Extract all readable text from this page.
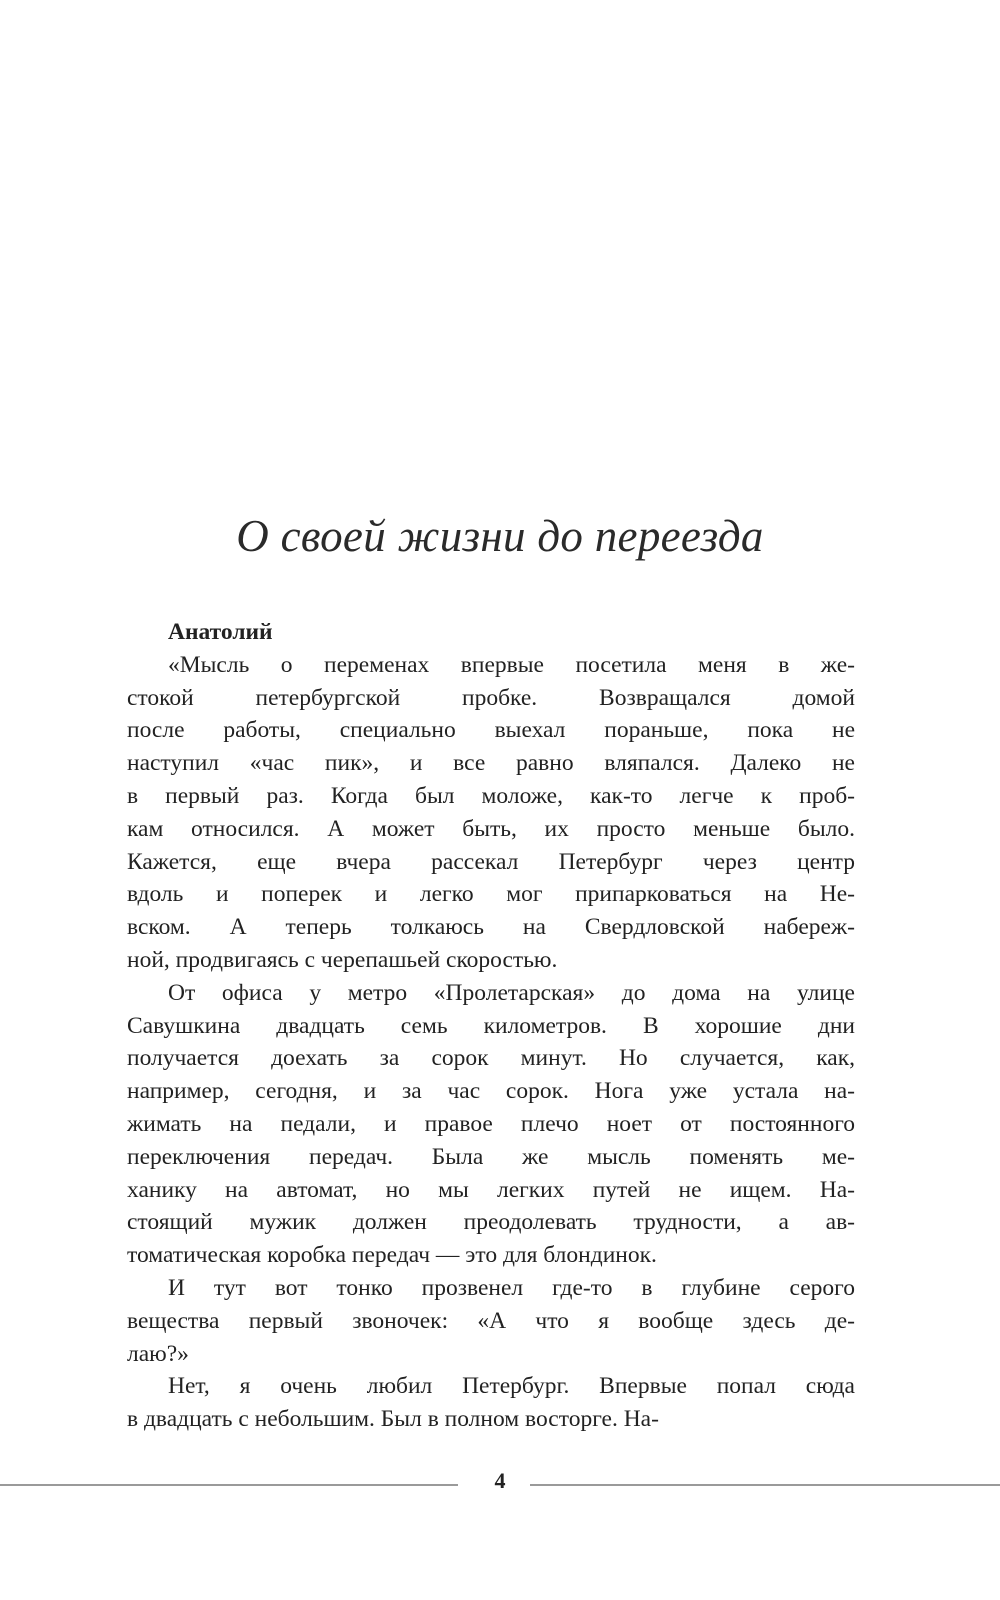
О своей жизни до переезда
Анатолий
«Мысль о переменах впервые посетила меня в же-
стокой петербургской пробке. Возвращался домой
после работы, специально выехал пораньше, пока не
наступил «час пик», и все равно вляпался. Далеко не
в первый раз. Когда был моложе, как-то легче к проб-
кам относился. А может быть, их просто меньше было.
Кажется, еще вчера рассекал Петербург через центр
вдоль и поперек и легко мог припарковаться на Не-
вском. А теперь толкаюсь на Свердловской набереж-
ной, продвигаясь с черепашьей скоростью.
От офиса у метро «Пролетарская» до дома на улице
Савушкина двадцать семь километров. В хорошие дни
получается доехать за сорок минут. Но случается, как,
например, сегодня, и за час сорок. Нога уже устала на-
жимать на педали, и правое плечо ноет от постоянного
переключения передач. Была же мысль поменять ме-
ханику на автомат, но мы легких путей не ищем. На-
стоящий мужик должен преодолевать трудности, а ав-
томатическая коробка передач — это для блондинок.
И тут вот тонко прозвенел где-то в глубине серого
вещества первый звоночек: «А что я вообще здесь де-
лаю?»
Нет, я очень любил Петербург. Впервые попал сюда
в двадцать с небольшим. Был в полном восторге. На-
4
